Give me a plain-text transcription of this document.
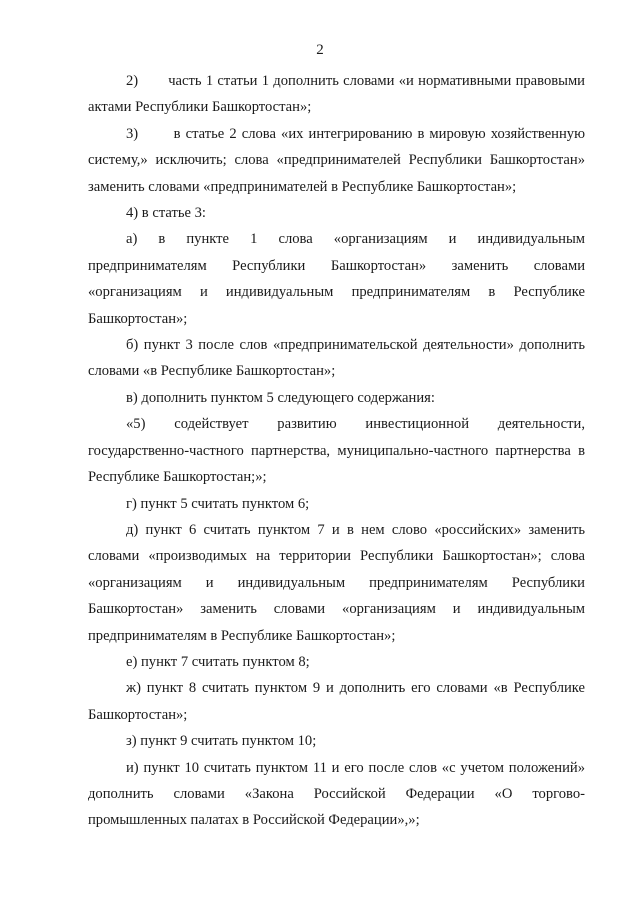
2

2)       часть 1 статьи 1 дополнить словами «и нормативными правовыми актами Республики Башкортостан»;

3)       в статье 2 слова «их интегрированию в мировую хозяйственную систему,» исключить; слова «предпринимателей Республики Башкортостан» заменить словами «предпринимателей в Республике Башкортостан»;

4) в статье 3:

а) в пункте 1 слова «организациям и индивидуальным предпринимателям Республики Башкортостан» заменить словами «организациям и индивидуальным предпринимателям в Республике Башкортостан»;

б) пункт 3 после слов «предпринимательской деятельности» дополнить словами «в Республике Башкортостан»;

в) дополнить пунктом 5 следующего содержания:

«5) содействует развитию инвестиционной деятельности, государственно-частного партнерства, муниципально-частного партнерства в Республике Башкортостан;»;

г) пункт 5 считать пунктом 6;

д) пункт 6 считать пунктом 7 и в нем слово «российских» заменить словами «производимых на территории Республики Башкортостан»; слова «организациям и индивидуальным предпринимателям Республики Башкортостан» заменить словами «организациям и индивидуальным предпринимателям в Республике Башкортостан»;

е) пункт 7 считать пунктом 8;

ж) пункт 8 считать пунктом 9 и дополнить его словами «в Республике Башкортостан»;

з) пункт 9 считать пунктом 10;

и) пункт 10 считать пунктом 11 и его после слов «с учетом положений» дополнить словами «Закона Российской Федерации «О торгово-промышленных палатах в Российской Федерации»,»;
